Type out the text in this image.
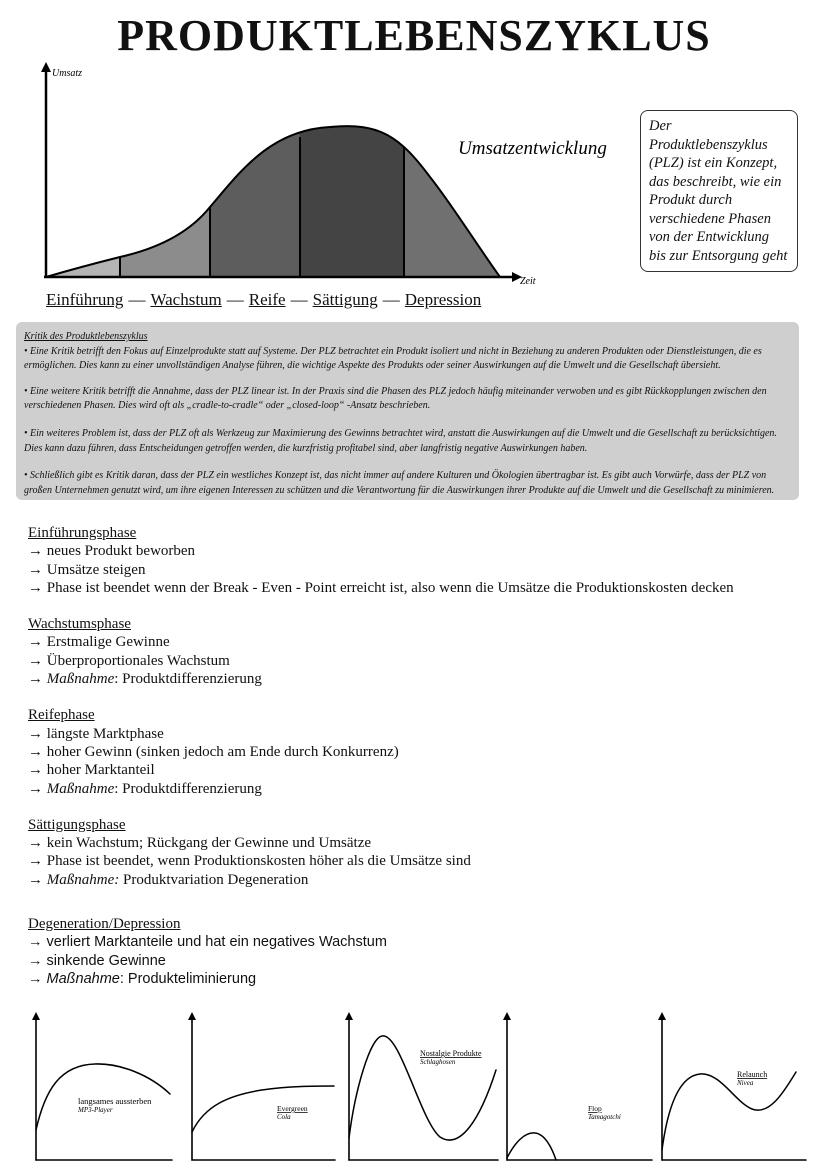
PRODUKTLEBENSZYKLUS
Umsatz
Zeit
Umsatzentwicklung
Der Produktlebenszyklus (PLZ) ist ein Konzept, das beschreibt, wie ein Produkt durch verschiedene Phasen von der Entwicklung bis zur Entsorgung geht
Einführung — Wachstum — Reife — Sättigung — Depression
Kritik des Produktlebenszyklus

• Eine Kritik betrifft den Fokus auf Einzelprodukte statt auf Systeme. Der PLZ betrachtet ein Produkt isoliert und nicht in Beziehung zu anderen Produkten oder Dienstleistungen, die es ermöglichen. Dies kann zu einer unvollständigen Analyse führen, die wichtige Aspekte des Produkts oder seiner Auswirkungen auf die Umwelt und die Gesellschaft übersieht.

• Eine weitere Kritik betrifft die Annahme, dass der PLZ linear ist. In der Praxis sind die Phasen des PLZ jedoch häufig miteinander verwoben und es gibt Rückkopplungen zwischen den verschiedenen Phasen. Dies wird oft als „cradle-to-cradle“ oder „closed-loop“ -Ansatz beschrieben.

• Ein weiteres Problem ist, dass der PLZ oft als Werkzeug zur Maximierung des Gewinns betrachtet wird, anstatt die Auswirkungen auf die Umwelt und die Gesellschaft zu berücksichtigen. Dies kann dazu führen, dass Entscheidungen getroffen werden, die kurzfristig profitabel sind, aber langfristig negative Auswirkungen haben.

• Schließlich gibt es Kritik daran, dass der PLZ ein westliches Konzept ist, das nicht immer auf andere Kulturen und Ökologien übertragbar ist. Es gibt auch Vorwürfe, dass der PLZ von großen Unternehmen genutzt wird, um ihre eigenen Interessen zu schützen und die Verantwortung für die Auswirkungen ihrer Produkte auf die Umwelt und die Gesellschaft zu minimieren.

Einführungsphase
→ neues Produkt beworben
→ Umsätze steigen
→ Phase ist beendet wenn der Break - Even - Point erreicht ist, also wenn die Umsätze die Produktionskosten decken
Wachstumsphase
→ Erstmalige Gewinne
→ Überproportionales Wachstum
→ Maßnahme: Produktdifferenzierung
Reifephase
→ längste Marktphase
→ hoher Gewinn (sinken jedoch am Ende durch Konkurrenz)
→ hoher Marktanteil
→ Maßnahme: Produktdifferenzierung
Sättigungsphase
→ kein Wachstum; Rückgang der Gewinne und Umsätze
→ Phase ist beendet, wenn Produktionskosten höher als die Umsätze sind
→ Maßnahme: Produktvariation Degeneration
Degeneration/Depression
→ verliert Marktanteile und hat ein negatives Wachstum
→ sinkende Gewinne
→ Maßnahme: Produkteliminierung
langsames aussterben
MP3-Player	Evergreen
Cola
Nostalgie Produkte
Schlaghosen
Flop
Tamagotchi
Relaunch
Nivea
